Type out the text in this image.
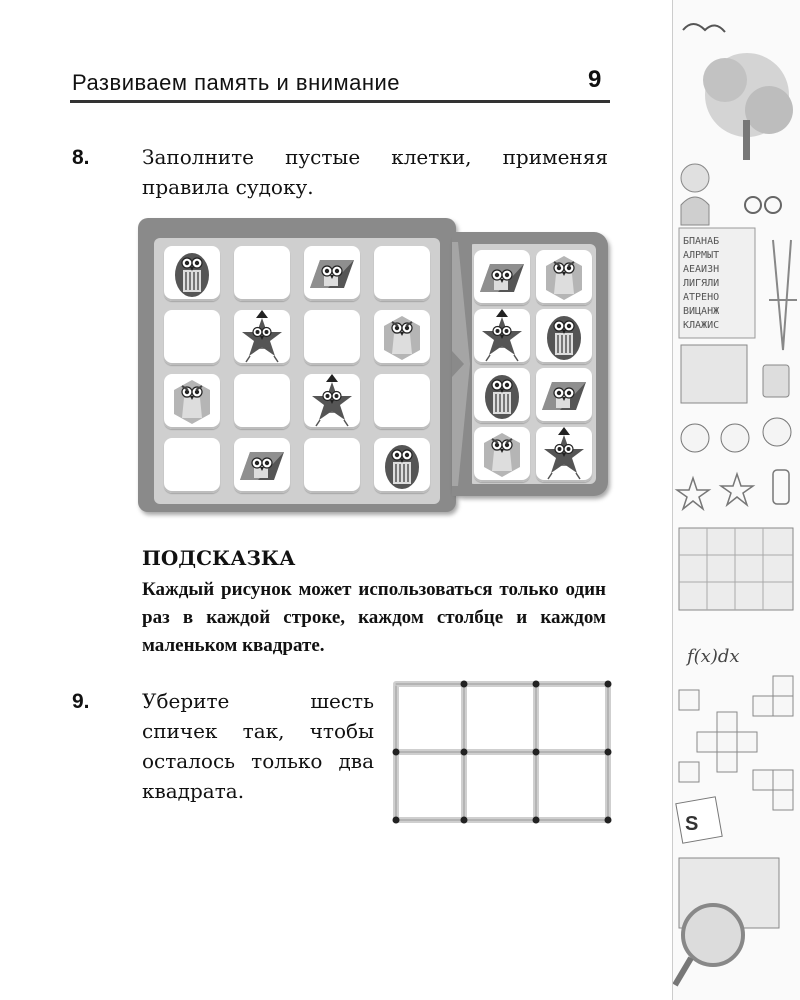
Развиваем память и внимание	9
8.	Заполните пустые клетки, применяя правила судоку.
ПОДСКАЗКА
Каждый рисунок может использоваться только один раз в каждой строке, каждом столбце и каждом маленьком квадрате.
9.	Уберите шесть спичек так, чтобы осталось только два квадрата.
БПАНАБ
АЛРМЫТ
АЕАИЗН
ЛИГЯЛИ
АТРЕНО
ВИЦАНЖ
КЛАЖИС
f(x)dx
S
